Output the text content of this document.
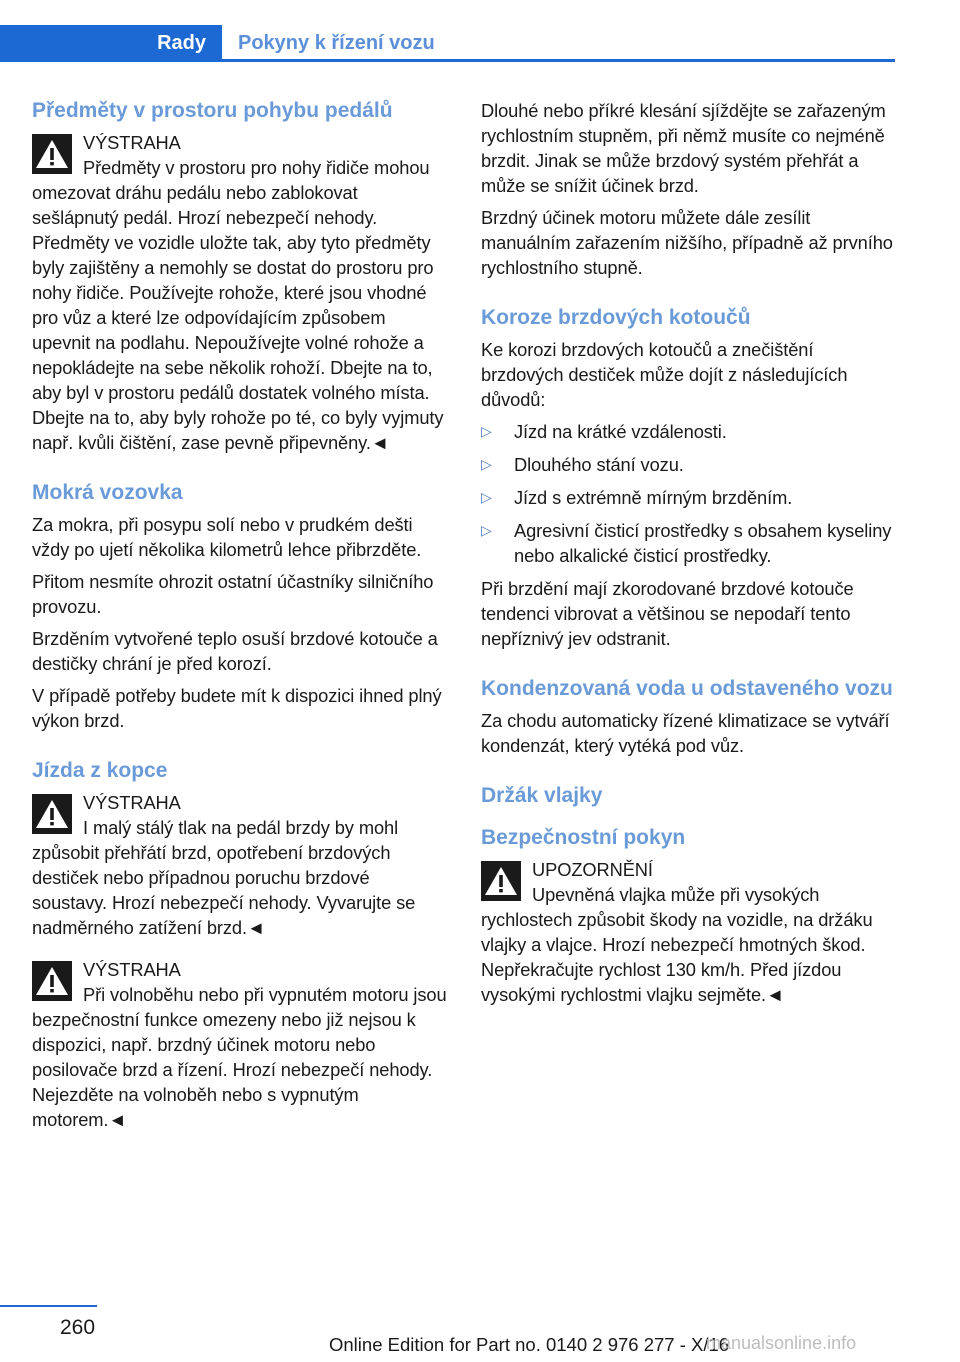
Rady	Pokyny k řízení vozu
Předměty v prostoru pohybu pedálů
VÝSTRAHA
Předměty v prostoru pro nohy řidiče mohou omezovat dráhu pedálu nebo zablokovat sešlápnutý pedál. Hrozí nebezpečí nehody. Předměty ve vozidle uložte tak, aby tyto předměty byly zajištěny a nemohly se dostat do prostoru pro nohy řidiče. Používejte rohože, které jsou vhodné pro vůz a které lze odpovídajícím způsobem upevnit na podlahu. Nepoužívejte volné rohože a nepokládejte na sebe několik rohoží. Dbejte na to, aby byl v prostoru pedálů dostatek volného místa. Dbejte na to, aby byly rohože po té, co byly vyjmuty např. kvůli čištění, zase pevně připevněny.◄
Mokrá vozovka

Za mokra, při posypu solí nebo v prudkém dešti vždy po ujetí několika kilometrů lehce přibrzděte.

Přitom nesmíte ohrozit ostatní účastníky silničního provozu.

Brzděním vytvořené teplo osuší brzdové kotouče a destičky chrání je před korozí.

V případě potřeby budete mít k dispozici ihned plný výkon brzd.

Jízda z kopce
VÝSTRAHA
I malý stálý tlak na pedál brzdy by mohl způsobit přehřátí brzd, opotřebení brzdových destiček nebo případnou poruchu brzdové soustavy. Hrozí nebezpečí nehody. Vyvarujte se nadměrného zatížení brzd.◄
VÝSTRAHA
Při volnoběhu nebo při vypnutém motoru jsou bezpečnostní funkce omezeny nebo již nejsou k dispozici, např. brzdný účinek motoru nebo posilovače brzd a řízení. Hrozí nebezpečí nehody. Nejezděte na volnoběh nebo s vypnutým motorem.◄

Dlouhé nebo příkré klesání sjíždějte se zařazeným rychlostním stupněm, při němž musíte co nejméně brzdit. Jinak se může brzdový systém přehřát a může se snížit účinek brzd.

Brzdný účinek motoru můžete dále zesílit manuálním zařazením nižšího, případně až prvního rychlostního stupně.

Koroze brzdových kotoučů

Ke korozi brzdových kotoučů a znečištění brzdových destiček může dojít z následujících důvodů:

▷ Jízd na krátké vzdálenosti.
▷ Dlouhého stání vozu.
▷ Jízd s extrémně mírným brzděním.
▷ Agresivní čisticí prostředky s obsahem kyseliny nebo alkalické čisticí prostředky.

Při brzdění mají zkorodované brzdové kotouče tendenci vibrovat a většinou se nepodaří tento nepříznivý jev odstranit.

Kondenzovaná voda u odstaveného vozu

Za chodu automaticky řízené klimatizace se vytváří kondenzát, který vytéká pod vůz.

Držák vlajky
Bezpečnostní pokyn
UPOZORNĚNÍ
Upevněná vlajka může při vysokých rychlostech způsobit škody na vozidle, na držáku vlajky a vlajce. Hrozí nebezpečí hmotných škod. Nepřekračujte rychlost 130 km/h. Před jízdou vysokými rychlostmi vlajku sejměte.◄
260
Online Edition for Part no. 0140 2 976 277 - X/16
manualsonline.info
